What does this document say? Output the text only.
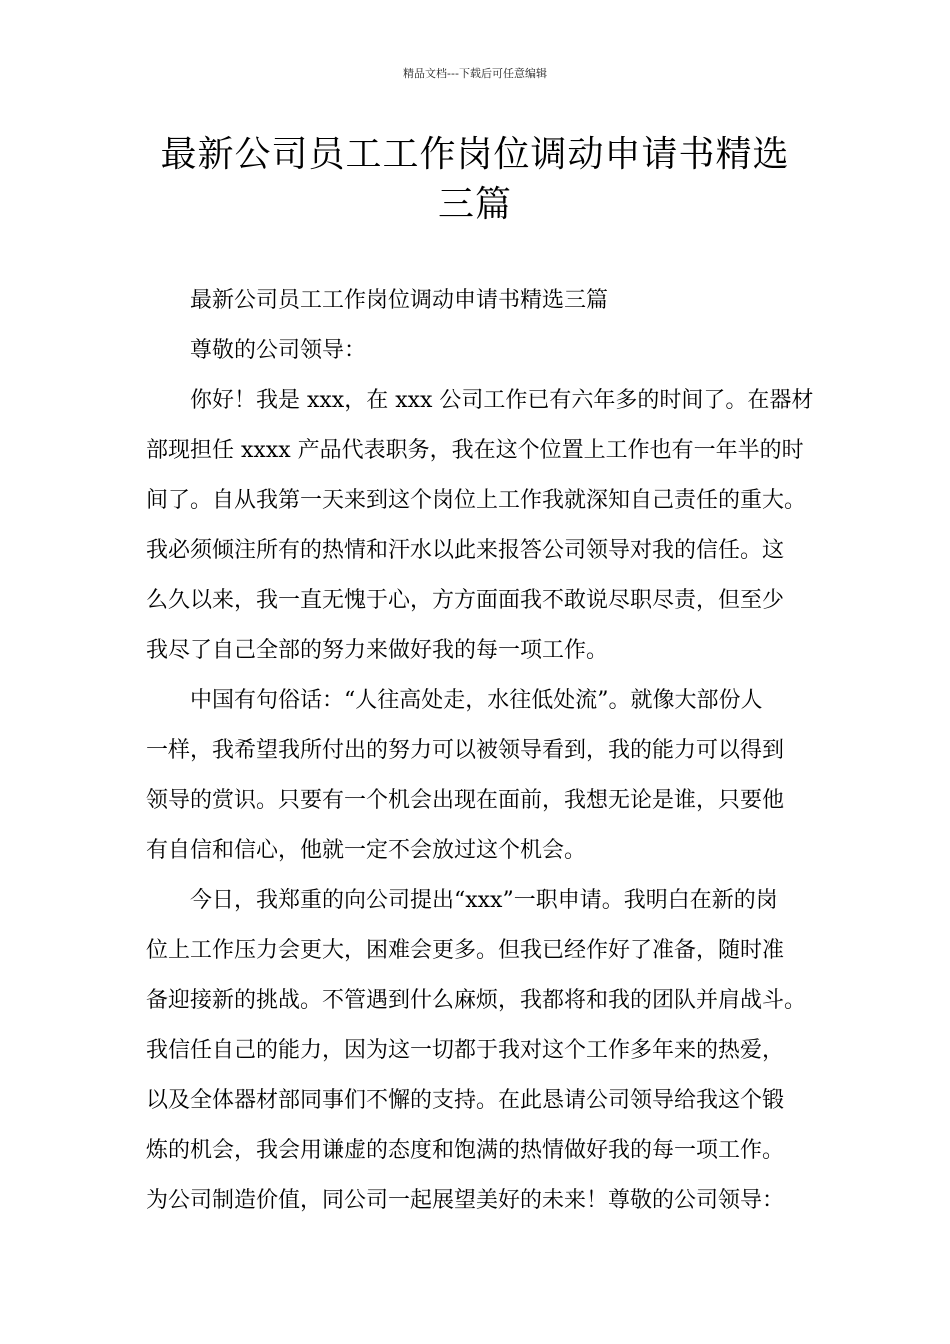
精品文档---下载后可任意编辑
最新公司员工工作岗位调动申请书精选
三篇
最新公司员工工作岗位调动申请书精选三篇
尊敬的公司领导：
你好！我是 xxx，在 xxx 公司工作已有六年多的时间了。在器材
部现担任 xxxx 产品代表职务，我在这个位置上工作也有一年半的时
间了。自从我第一天来到这个岗位上工作我就深知自己责任的重大。
我必须倾注所有的热情和汗水以此来报答公司领导对我的信任。这
么久以来，我一直无愧于心，方方面面我不敢说尽职尽责，但至少
我尽了自己全部的努力来做好我的每一项工作。
中国有句俗话：“人往高处走，水往低处流”。就像大部份人
一样，我希望我所付出的努力可以被领导看到，我的能力可以得到
领导的赏识。只要有一个机会出现在面前，我想无论是谁，只要他
有自信和信心，他就一定不会放过这个机会。
今日，我郑重的向公司提出“xxx”一职申请。我明白在新的岗
位上工作压力会更大，困难会更多。但我已经作好了准备，随时准
备迎接新的挑战。不管遇到什么麻烦，我都将和我的团队并肩战斗。
我信任自己的能力，因为这一切都于我对这个工作多年来的热爱，
以及全体器材部同事们不懈的支持。在此恳请公司领导给我这个锻
炼的机会，我会用谦虚的态度和饱满的热情做好我的每一项工作。
为公司制造价值，同公司一起展望美好的未来！尊敬的公司领导：
